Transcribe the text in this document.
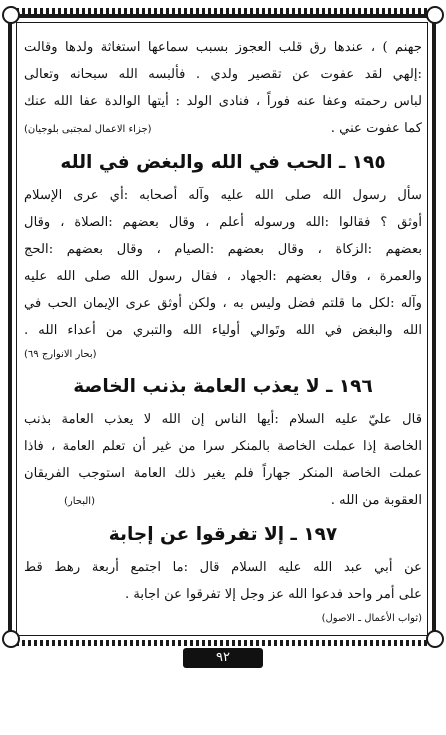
جهنم ) ، عندها رق قلب العجوز بسبب سماعها استغاثة ولدها وقالت
:إلهي لقد عفوت عن تقصير ولدي . فألبسه الله سبحانه وتعالى
لباس رحمته وعفا عنه فوراً ، فنادى الولد : أيتها الوالدة عفا الله عنك
كما عفوت عني .
(جزاء الاعمال لمجتبى بلوجيان)
١٩٥ ـ الحب في الله والبغض في الله
سأل رسول الله صلى الله عليه وآله أصحابه :أي عرى الإسلام
أوثق ؟ فقالوا :الله ورسوله أعلم ، وقال بعضهم :الصلاة ، وقال
بعضهم :الزكاة ، وقال بعضهم :الصيام ، وقال بعضهم :الحج
والعمرة ، وقال بعضهم :الجهاد ، فقال رسول الله صلى الله عليه
وآله :لكل ما قلتم فضل وليس به ، ولكن أوثق عرى الإيمان الحب في
الله والبغض في الله وتَوالي أولياء الله والتبري من أعداء الله .
(بحار الانوارج ٦٩)
١٩٦ ـ لا يعذب العامة بذنب الخاصة
قال عليّ عليه السلام :أيها الناس إن الله لا يعذب العامة بذنب
الخاصة إذا عملت الخاصة بالمنكر سرا من غير أن تعلم العامة ، فاذا
عملت الخاصة المنكر جهاراً فلم يغير ذلك العامة استوجب الفريقان
العقوبة من الله .
(البحار)
١٩٧ ـ إلا تفرقوا عن إجابة
عن أبي عبد الله عليه السلام قال :ما اجتمع أربعة رهط قط
على أمر واحد فدعوا الله عز وجل إلا تفرقوا عن اجابة .
(ثواب الأعمال ـ الاصول)
٩٢
